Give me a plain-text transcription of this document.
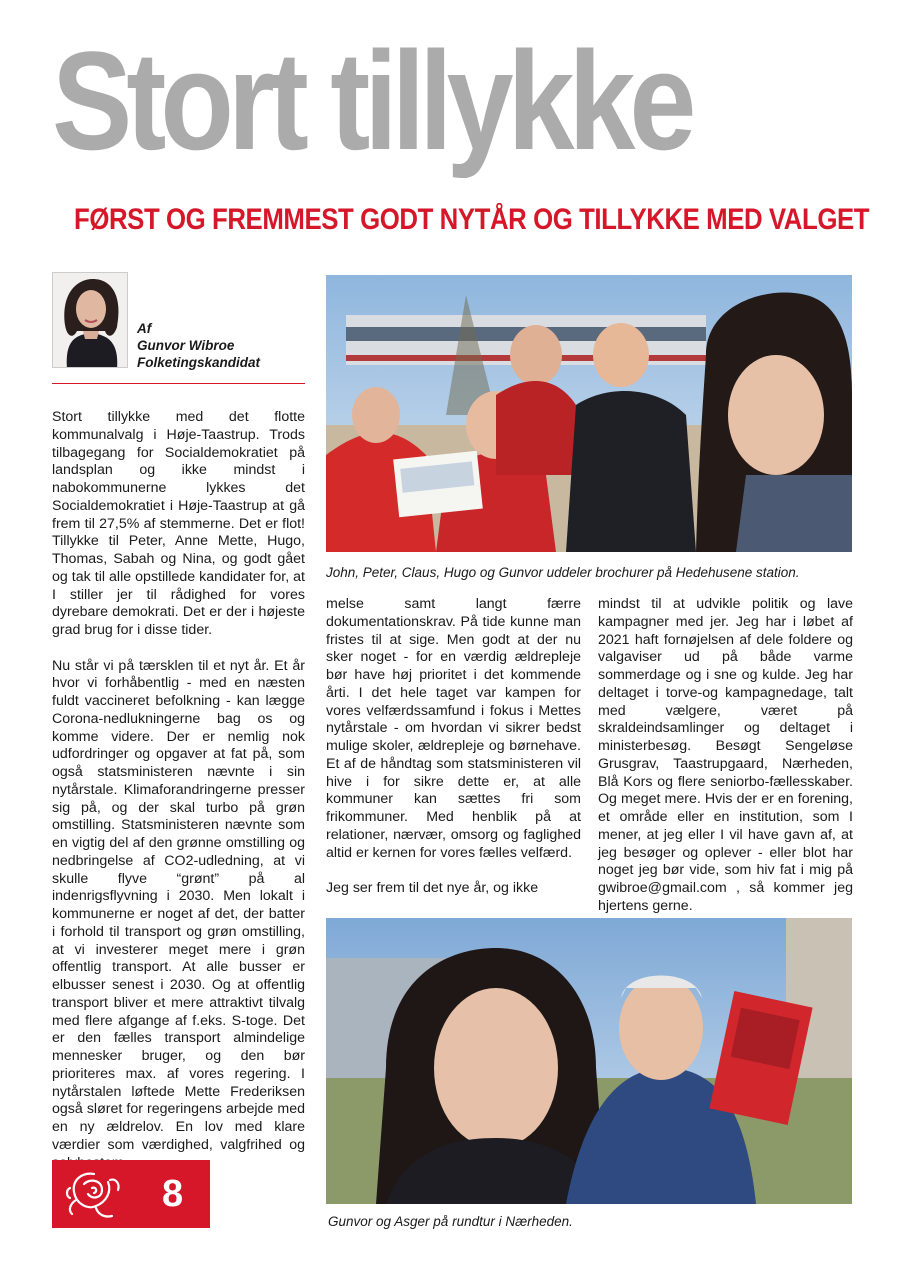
Stort tillykke
FØRST OG FREMMEST GODT NYTÅR OG TILLYKKE MED VALGET
Af
Gunvor Wibroe
Folketingskandidat

Stort tillykke med det flotte kommunalvalg i Høje-Taastrup. Trods tilbagegang for Socialdemokratiet på landsplan og ikke mindst i nabokommunerne lykkes det Socialdemokratiet i Høje-Taastrup at gå frem til 27,5% af stemmerne. Det er flot! Tillykke til Peter, Anne Mette, Hugo, Thomas, Sabah og Nina, og godt gået og tak til alle opstillede kandidater for, at I stiller jer til rådighed for vores dyrebare demokrati. Det er der i højeste grad brug for i disse tider.

Nu står vi på tærsklen til et nyt år. Et år hvor vi forhåbentlig - med en næsten fuldt vaccineret befolkning - kan lægge Corona-nedlukningerne bag os og komme videre. Der er nemlig nok udfordringer og opgaver at fat på, som også statsministeren nævnte i sin nytårstale. Klimaforandringerne presser sig på, og der skal turbo på grøn omstilling. Statsministeren nævnte som en vigtig del af den grønne omstilling og nedbringelse af CO2-udledning, at vi skulle flyve “grønt” på al indenrigsflyvning i 2030. Men lokalt i kommunerne er noget af det, der batter i forhold til transport og grøn omstilling, at vi investerer meget mere i grøn offentlig transport. At alle busser er elbusser senest i 2030. Og at offentlig transport bliver et mere attraktivt tilvalg med flere afgange af f.eks. S-toge. Det er den fælles transport almindelige mennesker bruger, og den bør prioriteres max. af vores regering. I nytårstalen løftede Mette Frederiksen også sløret for regeringens arbejde med en ny ældrelov. En lov med klare værdier som værdighed, valgfrihed og

John, Peter, Claus, Hugo og Gunvor uddeler brochurer på Hedehusene station.

melse samt langt færre dokumentationskrav. På tide kunne man fristes til at sige. Men godt at der nu sker noget - for en værdig ældrepleje bør have høj prioritet i det kommende årti. I det hele taget var kampen for vores velfærdssamfund i fokus i Mettes nytårstale - om hvordan vi sikrer bedst mulige skoler, ældrepleje og børnehave. Et af de håndtag som statsministeren vil hive i for sikre dette er, at alle kommuner kan sættes fri som frikommuner. Med henblik på at relationer, nærvær, omsorg og faglighed altid er kernen for vores fælles velfærd.

Jeg ser frem til det nye år, og ikke

mindst til at udvikle politik og lave kampagner med jer. Jeg har i løbet af 2021 haft fornøjelsen af dele foldere og valgaviser ud på både varme sommerdage og i sne og kulde. Jeg har deltaget i torve-og kampagnedage, talt med vælgere, været på skraldeindsamlinger og deltaget i ministerbesøg. Besøgt Sengeløse Grusgrav, Taastrupgaard, Nærheden, Blå Kors og flere seniorbo-fællesskaber. Og meget mere. Hvis der er en forening, et område eller en institution, som I mener, at jeg eller I vil have gavn af, at jeg besøger og oplever - eller blot har noget jeg bør vide, som hiv fat i mig på gwibroe@gmail.com , så kommer jeg hjertens gerne.

Gunvor og Asger på rundtur i Nærheden.
8
